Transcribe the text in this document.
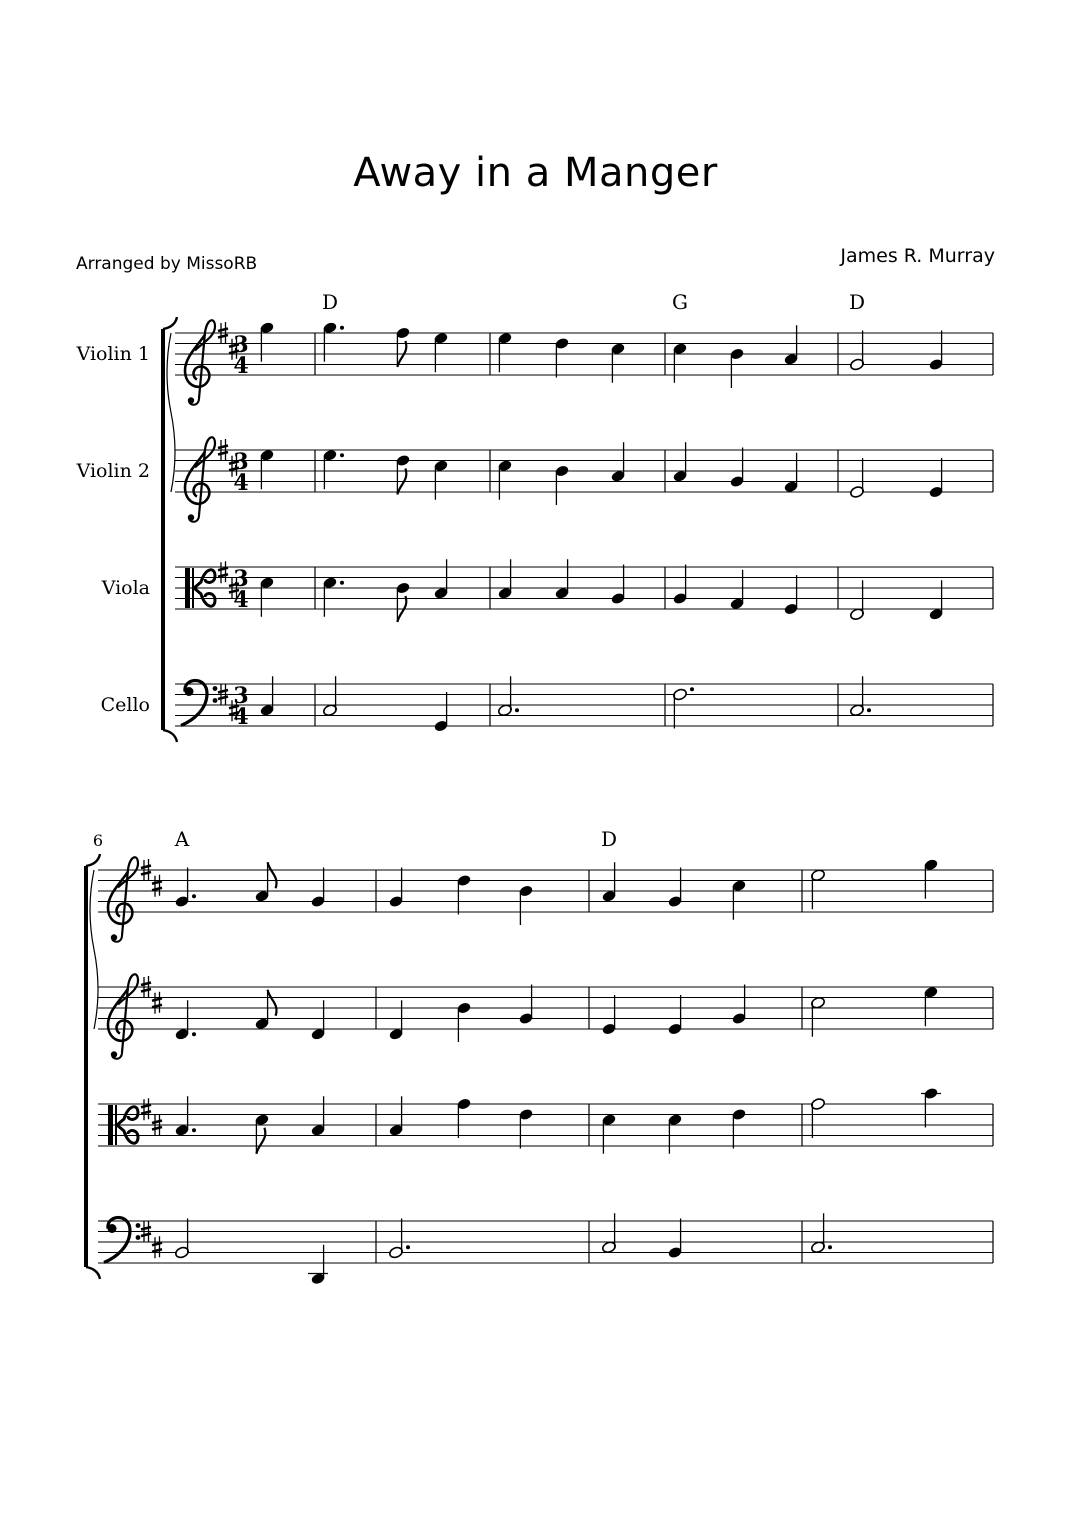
Away in a Manger
Arranged by MissoRB	James R. Murray
3
4
Violin 1
3
4
Violin 2
3
4
Viola
3
4
Cello
D	G	D
A	D
6
